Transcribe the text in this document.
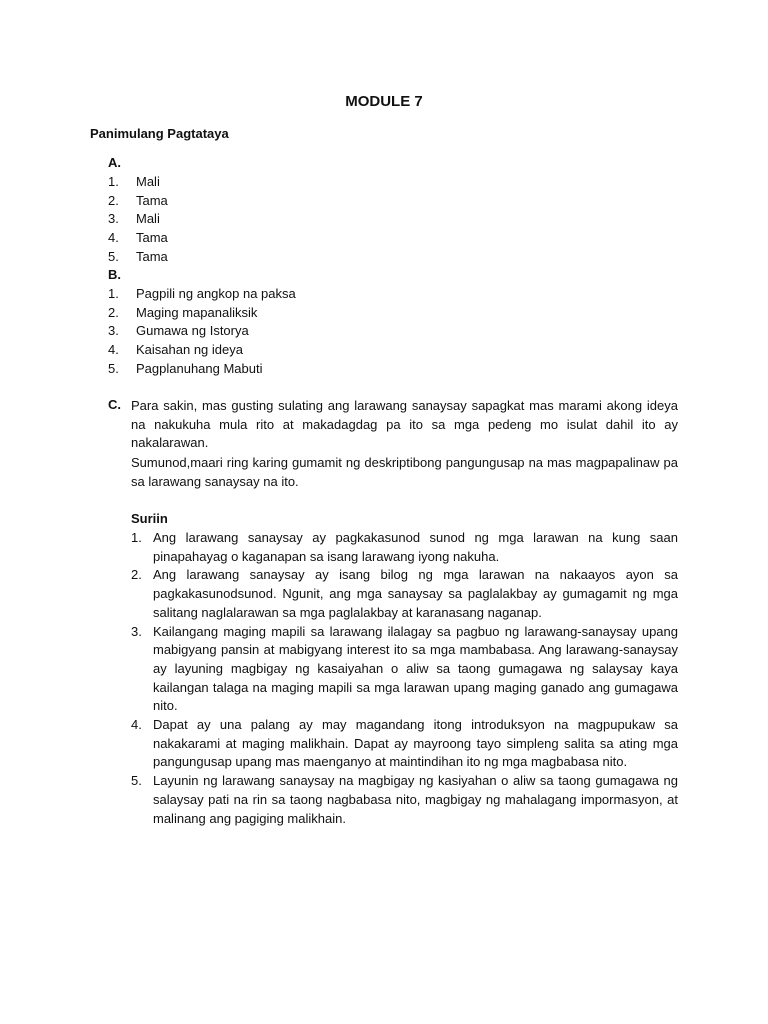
MODULE 7
Panimulang Pagtataya
A.
1. Mali
2. Tama
3. Mali
4. Tama
5. Tama
B.
1. Pagpili ng angkop na paksa
2. Maging mapanaliksik
3. Gumawa ng Istorya
4. Kaisahan ng ideya
5. Pagplanuhang Mabuti
C. Para sakin, mas gusting sulating ang larawang sanaysay sapagkat mas marami akong ideya na nakukuha mula rito at makadagdag pa ito sa mga pedeng mo isulat dahil ito ay nakalarawan.

Sumunod,maari ring karing gumamit ng deskriptibong pangungusap na mas magpapalinaw pa sa larawang sanaysay na ito.

Suriin
1. Ang larawang sanaysay ay pagkakasunod sunod ng mga larawan na kung saan pinapahayag o kaganapan sa isang larawang iyong nakuha.
2. Ang larawang sanaysay ay isang bilog ng mga larawan na nakaayos ayon sa pagkakasunodsunod. Ngunit, ang mga sanaysay sa paglalakbay ay gumagamit ng mga salitang naglalarawan sa mga paglalakbay at karanasang naganap.
3. Kailangang maging mapili sa larawang ilalagay sa pagbuo ng larawang-sanaysay upang mabigyang pansin at mabigyang interest ito sa mga mambabasa. Ang larawang-sanaysay ay layuning magbigay ng kasaiyahan o aliw sa taong gumagawa ng salaysay kaya kailangan talaga na maging mapili sa mga larawan upang maging ganado ang gumagawa nito.
4. Dapat ay una palang ay may magandang itong introduksyon na magpupukaw sa nakakarami at maging malikhain. Dapat ay mayroong tayo simpleng salita sa ating mga pangungusap upang mas maenganyo at maintindihan ito ng mga magbabasa nito.
5. Layunin ng larawang sanaysay na magbigay ng kasiyahan o aliw sa taong gumagawa ng salaysay pati na rin sa taong nagbabasa nito, magbigay ng mahalagang impormasyon, at malinang ang pagiging malikhain.
